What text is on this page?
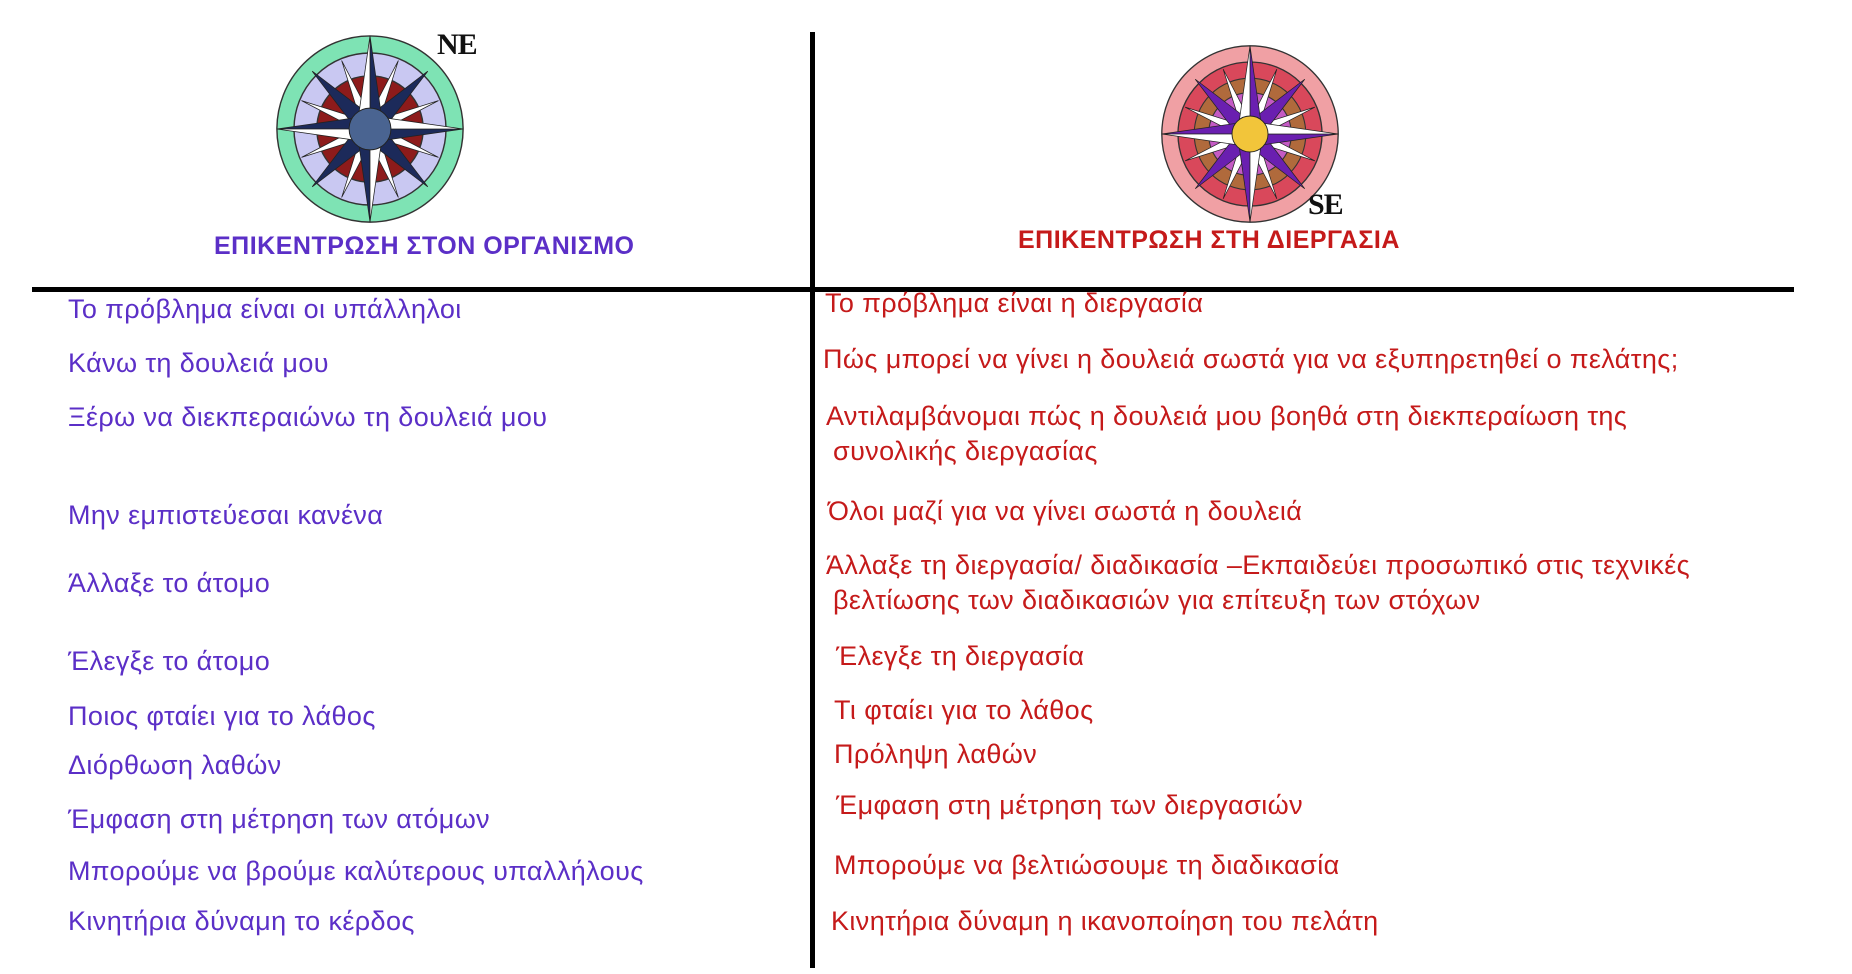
NE
SE
ΕΠΙΚΕΝΤΡΩΣΗ ΣΤΟΝ ΟΡΓΑΝΙΣΜΟ	ΕΠΙΚΕΝΤΡΩΣΗ ΣΤΗ ΔΙΕΡΓΑΣΙΑ
Το πρόβλημα είναι οι υπάλληλοι
Κάνω τη δουλειά μου
Ξέρω να διεκπεραιώνω τη δουλειά μου
Μην εμπιστεύεσαι κανένα
Άλλαξε το άτομο
Έλεγξε το άτομο
Ποιος φταίει για το λάθος
Διόρθωση λαθών
Έμφαση στη μέτρηση των ατόμων
Μπορούμε να βρούμε καλύτερους υπαλλήλους
Κινητήρια δύναμη το κέρδος
Το πρόβλημα είναι η διεργασία
Πώς μπορεί να γίνει η δουλειά σωστά για να εξυπηρετηθεί ο πελάτης;
Αντιλαμβάνομαι πώς η δουλειά μου βοηθά στη διεκπεραίωση της
συνολικής διεργασίας
Όλοι μαζί για να γίνει σωστά η δουλειά
Άλλαξε τη διεργασία/ διαδικασία –Εκπαιδεύει προσωπικό στις τεχνικές
βελτίωσης των διαδικασιών για επίτευξη των στόχων
Έλεγξε τη διεργασία
Τι φταίει για το λάθος
Πρόληψη λαθών
Έμφαση στη μέτρηση των διεργασιών
Μπορούμε να βελτιώσουμε τη διαδικασία
Κινητήρια δύναμη η ικανοποίηση του πελάτη
